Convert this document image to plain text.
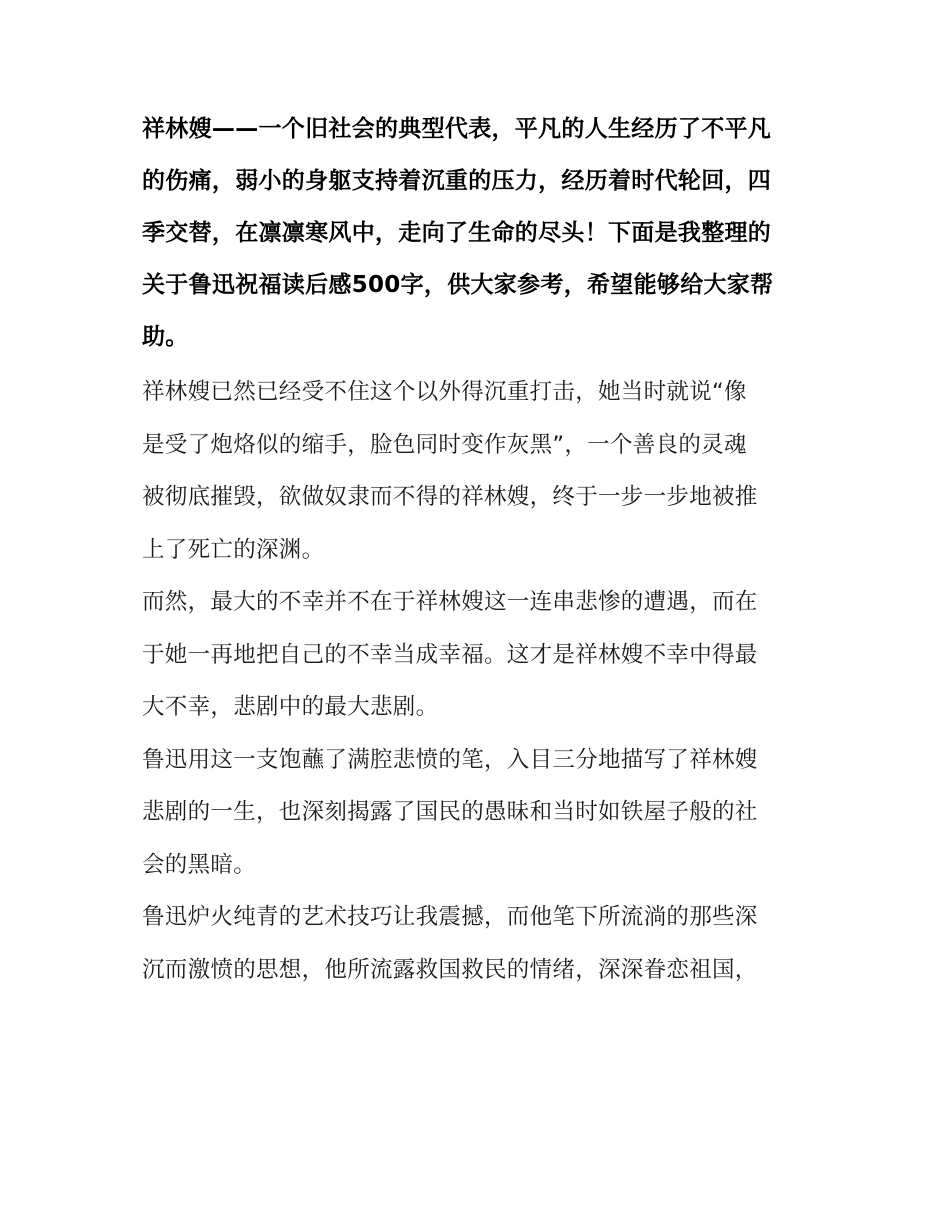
祥林嫂——一个旧社会的典型代表，平凡的人生经历了不平凡
的伤痛，弱小的身躯支持着沉重的压力，经历着时代轮回，四
季交替，在凛凛寒风中，走向了生命的尽头！下面是我整理的
关于鲁迅祝福读后感500字，供大家参考，希望能够给大家帮
助。

祥林嫂已然已经受不住这个以外得沉重打击，她当时就说“像
是受了炮烙似的缩手，脸色同时变作灰黑”，一个善良的灵魂
被彻底摧毁，欲做奴隶而不得的祥林嫂，终于一步一步地被推
上了死亡的深渊。

而然，最大的不幸并不在于祥林嫂这一连串悲惨的遭遇，而在
于她一再地把自己的不幸当成幸福。这才是祥林嫂不幸中得最
大不幸，悲剧中的最大悲剧。

鲁迅用这一支饱蘸了满腔悲愤的笔，入目三分地描写了祥林嫂
悲剧的一生，也深刻揭露了国民的愚昧和当时如铁屋子般的社
会的黑暗。

鲁迅炉火纯青的艺术技巧让我震撼，而他笔下所流淌的那些深
沉而激愤的思想，他所流露救国救民的情绪，深深眷恋祖国，
